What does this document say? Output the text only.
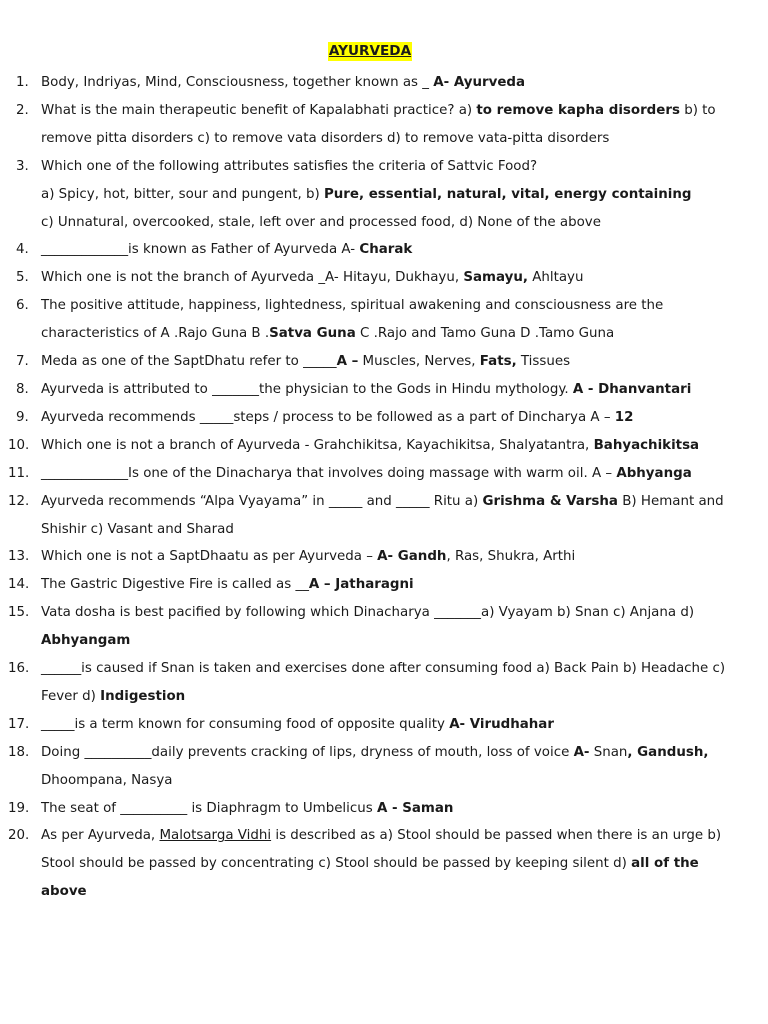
AYURVEDA
1. Body, Indriyas, Mind, Consciousness, together known as _ A- Ayurveda
2. What is the main therapeutic benefit of Kapalabhati practice? a) to remove kapha disorders b) to
remove pitta disorders c) to remove vata disorders d) to remove vata-pitta disorders
3. Which one of the following attributes satisfies the criteria of Sattvic Food?
a) Spicy, hot, bitter, sour and pungent, b) Pure, essential, natural, vital, energy containing
c) Unnatural, overcooked, stale, left over and processed food, d) None of the above
4. _____________is known as Father of Ayurveda A- Charak
5. Which one is not the branch of Ayurveda _A- Hitayu, Dukhayu, Samayu, Ahltayu
6. The positive attitude, happiness, lightedness, spiritual awakening and consciousness are the
characteristics of A .Rajo Guna B .Satva Guna C .Rajo and Tamo Guna D .Tamo Guna
7. Meda as one of the SaptDhatu refer to _____A – Muscles, Nerves, Fats, Tissues
8. Ayurveda is attributed to _______the physician to the Gods in Hindu mythology. A - Dhanvantari
9. Ayurveda recommends _____steps / process to be followed as a part of Dincharya A – 12
10. Which one is not a branch of Ayurveda - Grahchikitsa, Kayachikitsa, Shalyatantra, Bahyachikitsa
11. _____________Is one of the Dinacharya that involves doing massage with warm oil. A – Abhyanga
12. Ayurveda recommends “Alpa Vyayama” in _____ and _____ Ritu a) Grishma & Varsha B) Hemant and
Shishir c) Vasant and Sharad
13. Which one is not a SaptDhaatu as per Ayurveda – A- Gandh, Ras, Shukra, Arthi
14. The Gastric Digestive Fire is called as __A – Jatharagni
15. Vata dosha is best pacified by following which Dinacharya _______a) Vyayam b) Snan c) Anjana d)
Abhyangam
16. ______is caused if Snan is taken and exercises done after consuming food a) Back Pain b) Headache c)
Fever d) Indigestion
17. _____is a term known for consuming food of opposite quality A- Virudhahar
18. Doing __________daily prevents cracking of lips, dryness of mouth, loss of voice A- Snan, Gandush,
Dhoompana, Nasya
19. The seat of __________ is Diaphragm to Umbelicus A - Saman
20. As per Ayurveda, Malotsarga Vidhi is described as a) Stool should be passed when there is an urge b)
Stool should be passed by concentrating c) Stool should be passed by keeping silent d) all of the
above
